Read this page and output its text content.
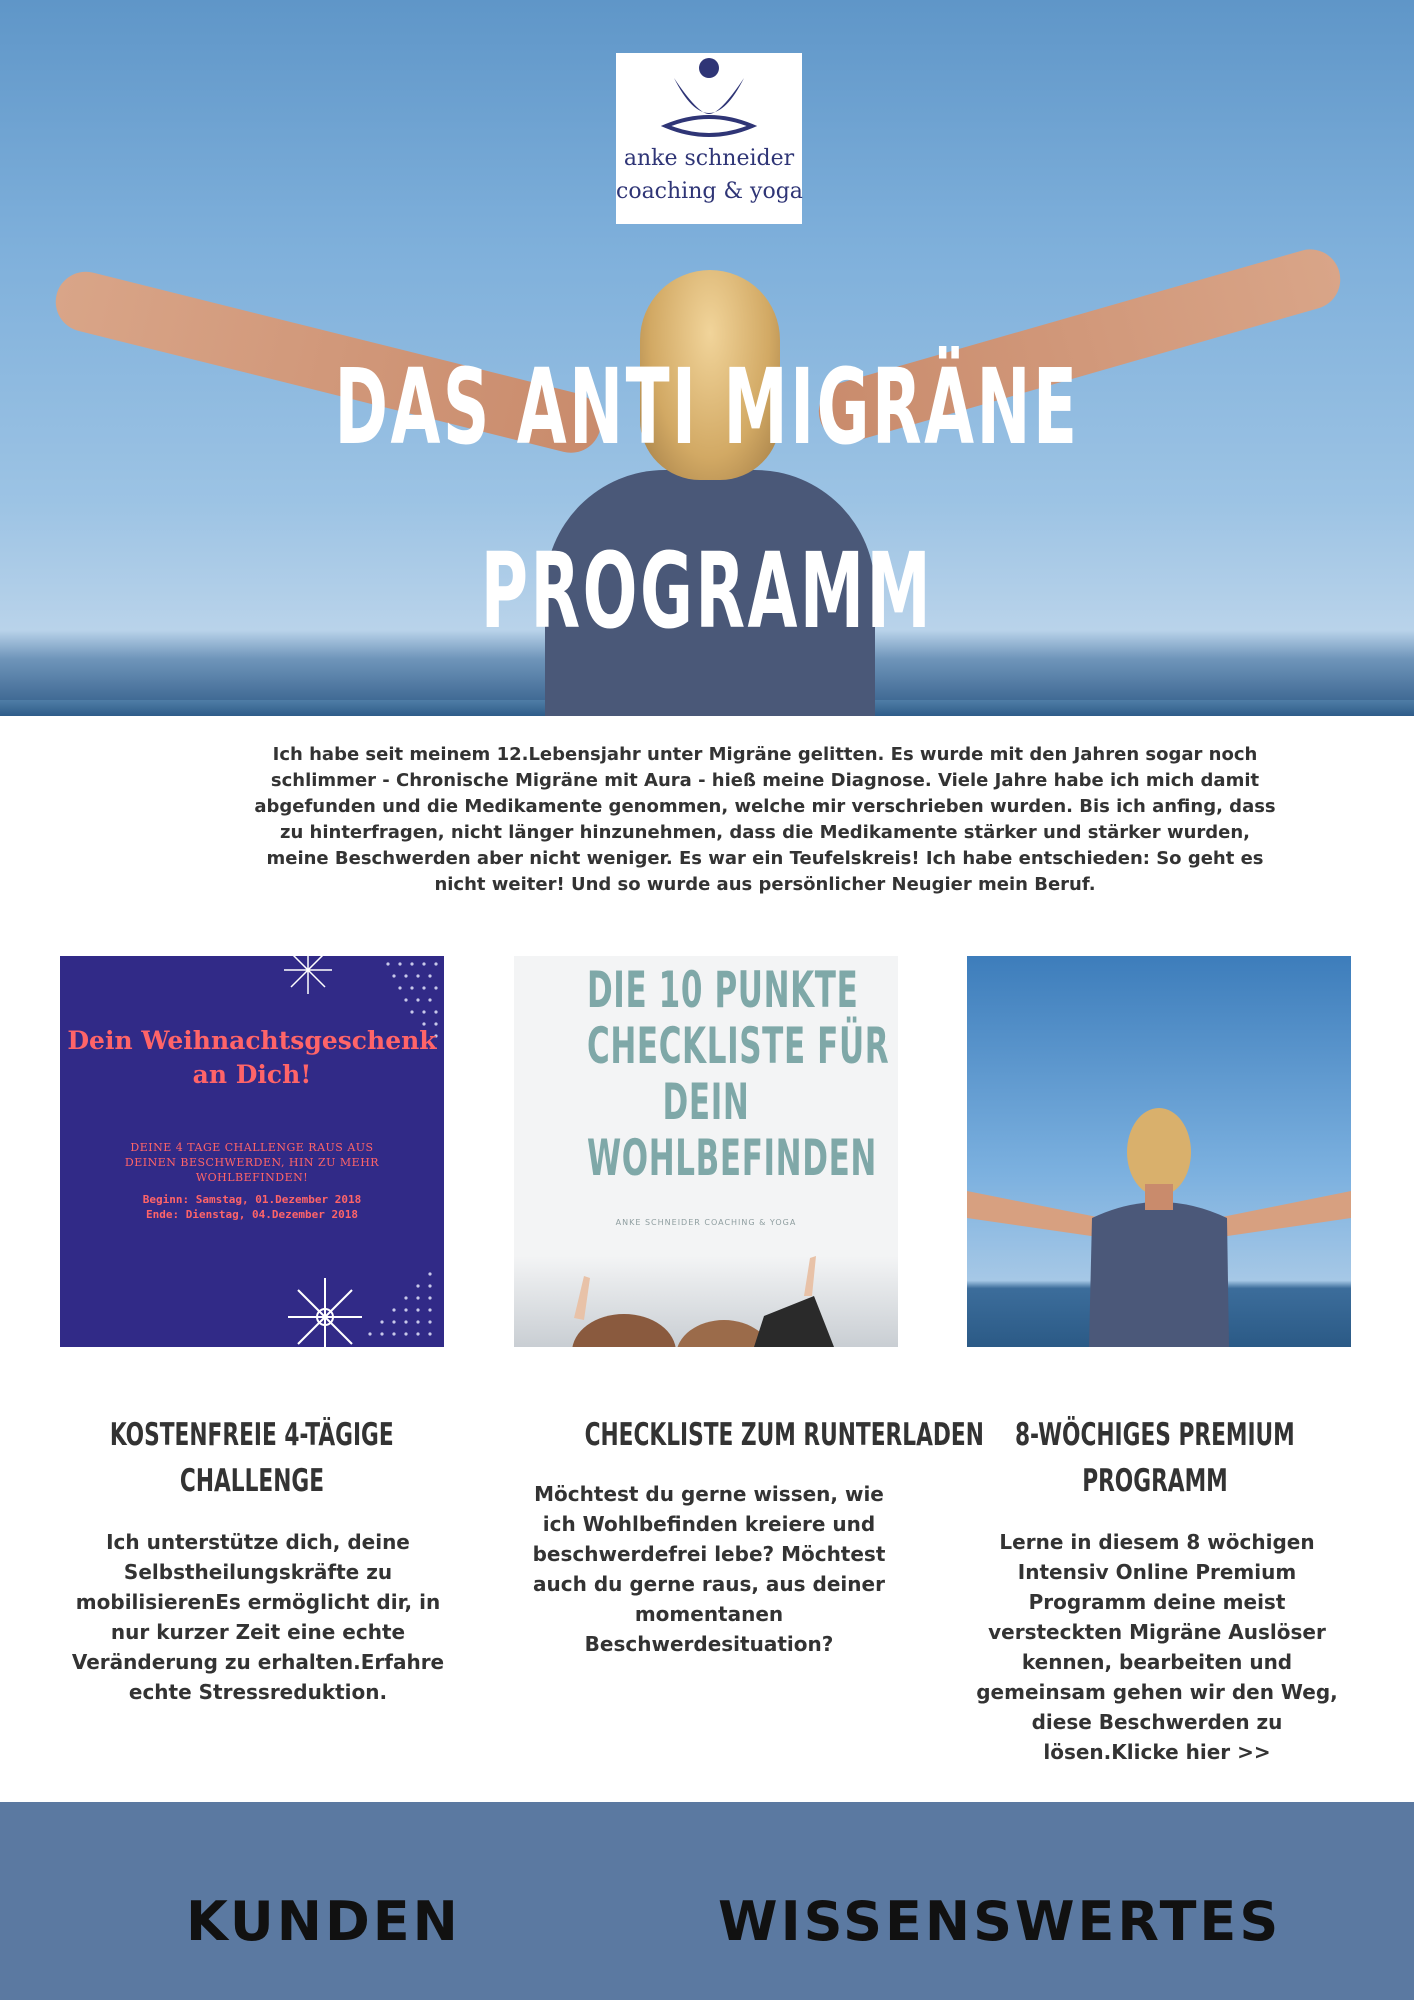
anke schneider
coaching & yoga
DAS ANTI MIGRÄNE
PROGRAMM
Ich habe seit meinem 12.Lebensjahr unter Migräne gelitten. Es wurde mit den Jahren sogar noch schlimmer - Chronische Migräne mit Aura - hieß meine Diagnose. Viele Jahre habe ich mich damit abgefunden und die Medikamente genommen, welche mir verschrieben wurden. Bis ich anfing, dass zu hinterfragen, nicht länger hinzunehmen, dass die Medikamente stärker und stärker wurden, meine Beschwerden aber nicht weniger. Es war ein Teufelskreis! Ich habe entschieden: So geht es nicht weiter! Und so wurde aus persönlicher Neugier mein Beruf.
Dein Weihnachtsgeschenk an Dich!
DEINE 4 TAGE CHALLENGE RAUS AUS DEINEN BESCHWERDEN, HIN ZU MEHR WOHLBEFINDEN!
Beginn: Samstag, 01.Dezember 2018
Ende: Dienstag, 04.Dezember 2018
DIE 10 PUNKTE
CHECKLISTE FÜR
DEIN
WOHLBEFINDEN
ANKE SCHNEIDER COACHING & YOGA
KOSTENFREIE 4-TÄGIGE
CHALLENGE
CHECKLISTE ZUM RUNTERLADEN	8-WÖCHIGES PREMIUM
PROGRAMM
Ich unterstütze dich, deine Selbstheilungskräfte zu mobilisierenEs ermöglicht dir, in nur kurzer Zeit eine echte Veränderung zu erhalten.Erfahre echte Stressreduktion.
Möchtest du gerne wissen, wie ich Wohlbefinden kreiere und beschwerdefrei lebe? Möchtest auch du gerne raus, aus deiner momentanen Beschwerdesituation?
Lerne in diesem 8 wöchigen Intensiv Online Premium Programm deine meist versteckten Migräne Auslöser kennen, bearbeiten und gemeinsam gehen wir den Weg, diese Beschwerden zu lösen.Klicke hier >>
KUNDEN	WISSENSWERTES
